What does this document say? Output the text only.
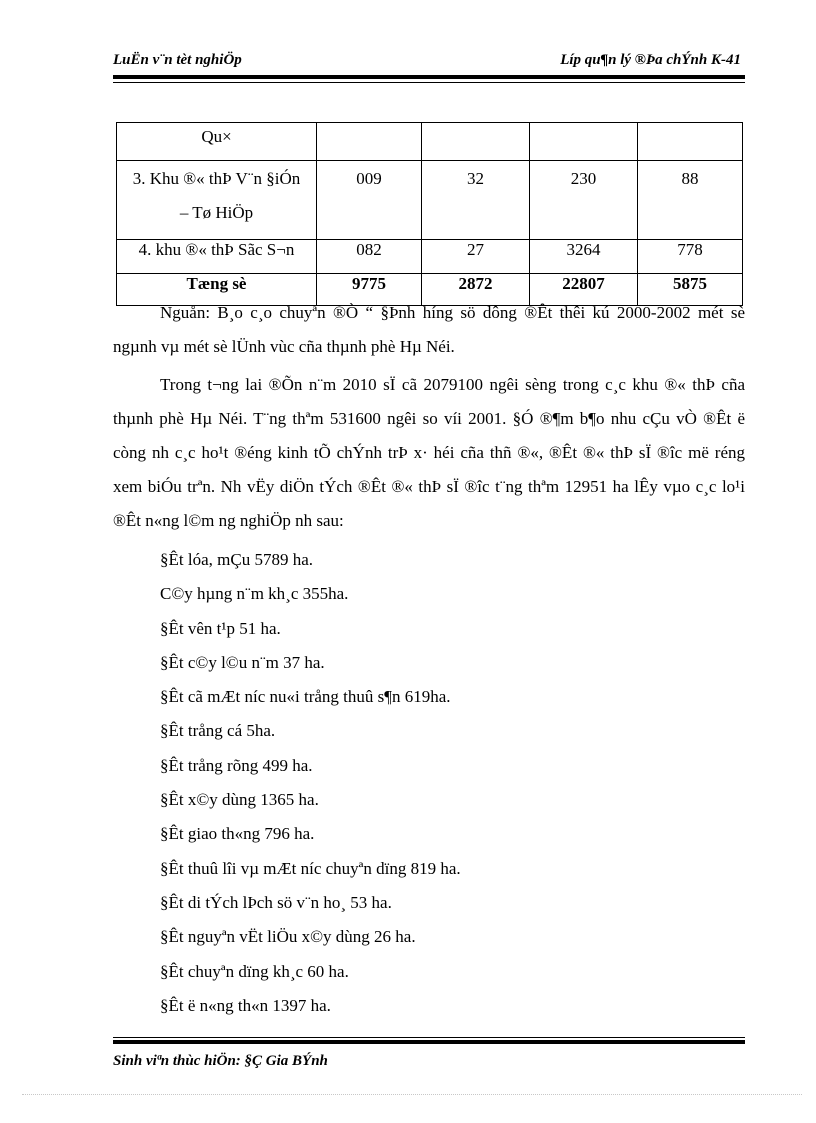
LuËn v¨n tèt nghiÖp	Líp qu¶n lý ®Þa chÝnh K-41
Qu×				

3. Khu ®« thÞ V¨n §iÓn
– Tø HiÖp	009	32	230	88
4. khu ®« thÞ Sãc S¬n	082	27	3264	778
Tæng sè	9775	2872	22807	5875

Nguån: B¸o c¸o chuyªn ®Ò “ §Þnh híng sö dông ®Êt thêi kú 2000-2002 mét sè ngµnh vµ mét sè lÜnh vùc cña thµnh phè Hµ Néi.

Trong t¬ng lai ®Õn n¨m 2010 sÏ cã 2079100 ngêi sèng trong c¸c khu ®« thÞ cña thµnh phè Hµ Néi. T¨ng thªm 531600 ngêi so víi 2001. §Ó ®¶m b¶o nhu cÇu vÒ ®Êt ë còng nh c¸c ho¹t ®éng kinh tÕ chÝnh trÞ x· héi cña thñ ®«, ®Êt ®« thÞ sÏ ®îc më réng xem biÓu trªn. Nh vËy diÖn tÝch ®Êt ®« thÞ sÏ ®îc t¨ng thªm 12951 ha lÊy vµo c¸c lo¹i ®Êt n«ng l©m ng nghiÖp nh sau:

§Êt lóa, mÇu 5789 ha.
C©y hµng n¨m kh¸c 355ha.
§Êt vên t¹p 51 ha.
§Êt c©y l©u n¨m 37 ha.
§Êt cã mÆt níc nu«i trång thuû s¶n 619ha.
§Êt trång cá 5ha.
§Êt trång rõng 499 ha.
§Êt x©y dùng 1365 ha.
§Êt giao th«ng 796 ha.
§Êt thuû lîi vµ mÆt níc chuyªn dïng 819 ha.
§Êt di tÝch lÞch sö v¨n ho¸ 53 ha.
§Êt nguyªn vËt liÖu x©y dùng 26 ha.
§Êt chuyªn dïng kh¸c 60 ha.
§Êt ë n«ng th«n 1397 ha.
Sinh viªn thùc hiÖn: §Ç Gia BÝnh
